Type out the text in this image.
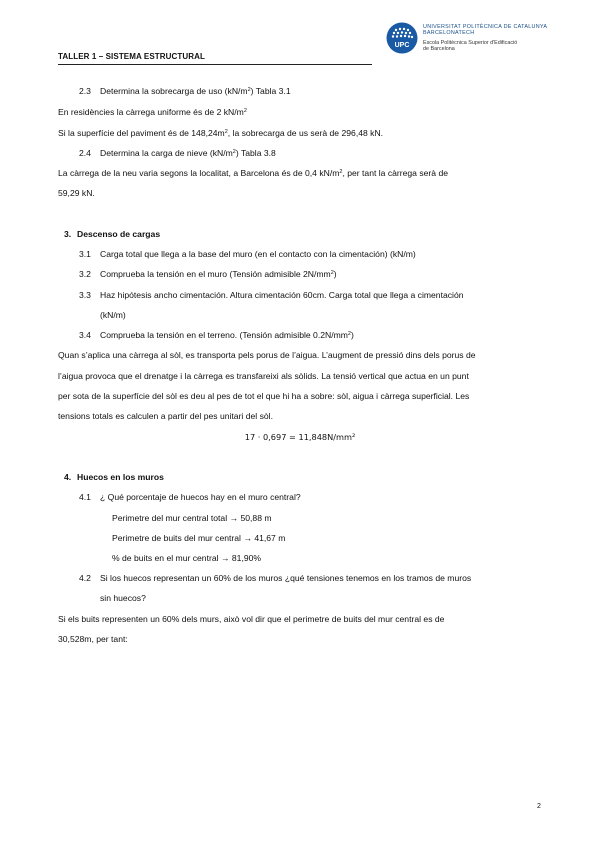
TALLER 1 – SISTEMA ESTRUCTURAL
UPC
UNIVERSITAT POLITÈCNICA DE CATALUNYA
BARCELONATECH
Escola Politècnica Superior d'Edificació
de Barcelona
2.3 Determina la sobrecarga de uso $(kN/m^2)$ Tabla 3.1
En residències la càrrega uniforme és de 2 $kN/m^2$
Si la superfície del paviment és de $148,24m^2$, la sobrecarga de us serà de 296,48 kN.
2.4 Determina la carga de nieve $(kN/m^2)$ Tabla 3.8
La càrrega de la neu varia segons la localitat, a Barcelona és de 0,4 $kN/m^2$, per tant la càrrega serà de
59,29 kN.
3. Descenso de cargas
3.1 Carga total que llega a la base del muro (en el contacto con la cimentación) (kN/m)
3.2 Comprueba la tensión en el muro (Tensión admisible $2N/mm^2$)
3.3 Haz hipótesis ancho cimentación. Altura cimentación 60cm. Carga total que llega a cimentación
(kN/m)
3.4 Comprueba la tensión en el terreno. (Tensión admisible $0.2N/mm^2$)
Quan s’aplica una càrrega al sòl, es transporta pels porus de l’aigua. L’augment de pressió dins dels porus de
l’aigua provoca que el drenatge i la càrrega es transfareixi als sòlids. La tensió vertical que actua en un punt
per sota de la superfície del sòl es deu al pes de tot el que hi ha a sobre: sòl, aigua i càrrega superficial. Les
tensions totals es calculen a partir del pes unitari del sòl.
17 · 0,697 = 11,848N/mm²
4. Huecos en los muros
4.1 ¿ Qué porcentaje de huecos hay en el muro central?
Perimetre del mur central total → 50,88 m
Perimetre de buits del mur central → 41,67 m
% de buits en el mur central → 81,90%
4.2 Si los huecos representan un 60% de los muros ¿qué tensiones tenemos en los tramos de muros
sin huecos?
Si els buits representen un 60% dels murs, això vol dir que el perimetre de buits del mur central es de
30,528m, per tant:
2
